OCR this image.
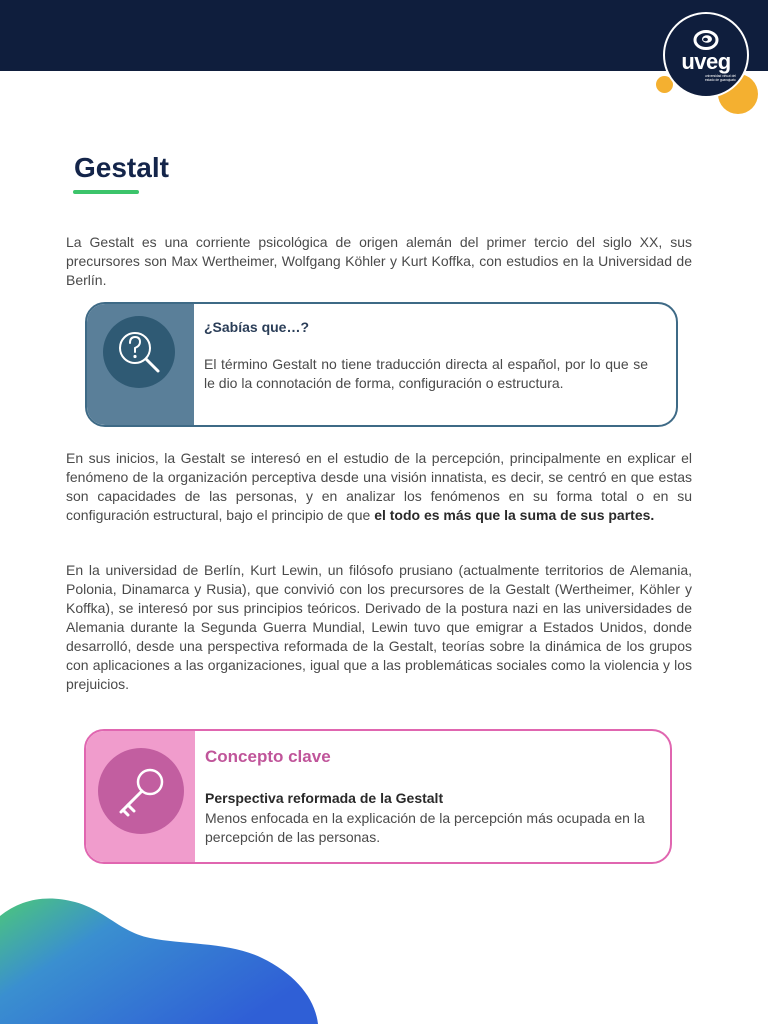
uveg
universidad virtual del estado de guanajuato
Gestalt

La Gestalt es una corriente psicológica de origen alemán del primer tercio del siglo XX, sus precursores son Max Wertheimer, Wolfgang Köhler y Kurt Koffka, con estudios en la Universidad de Berlín.

¿Sabías que…?

El término Gestalt no tiene traducción directa al español, por lo que se le dio la connotación de forma, configuración o estructura.

En sus inicios, la Gestalt se interesó en el estudio de la percepción, principalmente en explicar el fenómeno de la organización perceptiva desde una visión innatista, es decir, se centró en que estas son capacidades de las personas, y en analizar los fenómenos en su forma total o en su configuración estructural, bajo el principio de que el todo es más que la suma de sus partes.

En la universidad de Berlín, Kurt Lewin, un filósofo prusiano (actualmente territorios de Alemania, Polonia, Dinamarca y Rusia), que convivió con los precursores de la Gestalt (Wertheimer, Köhler y Koffka), se interesó por sus principios teóricos. Derivado de la postura nazi en las universidades de Alemania durante la Segunda Guerra Mundial, Lewin tuvo que emigrar a Estados Unidos, donde desarrolló, desde una perspectiva reformada de la Gestalt, teorías sobre la dinámica de los grupos con aplicaciones a las organizaciones, igual que a las problemáticas sociales como la violencia y los prejuicios.

Concepto clave

Perspectiva reformada de la Gestalt

Menos enfocada en la explicación de la percepción más ocupada en la percepción de las personas.
